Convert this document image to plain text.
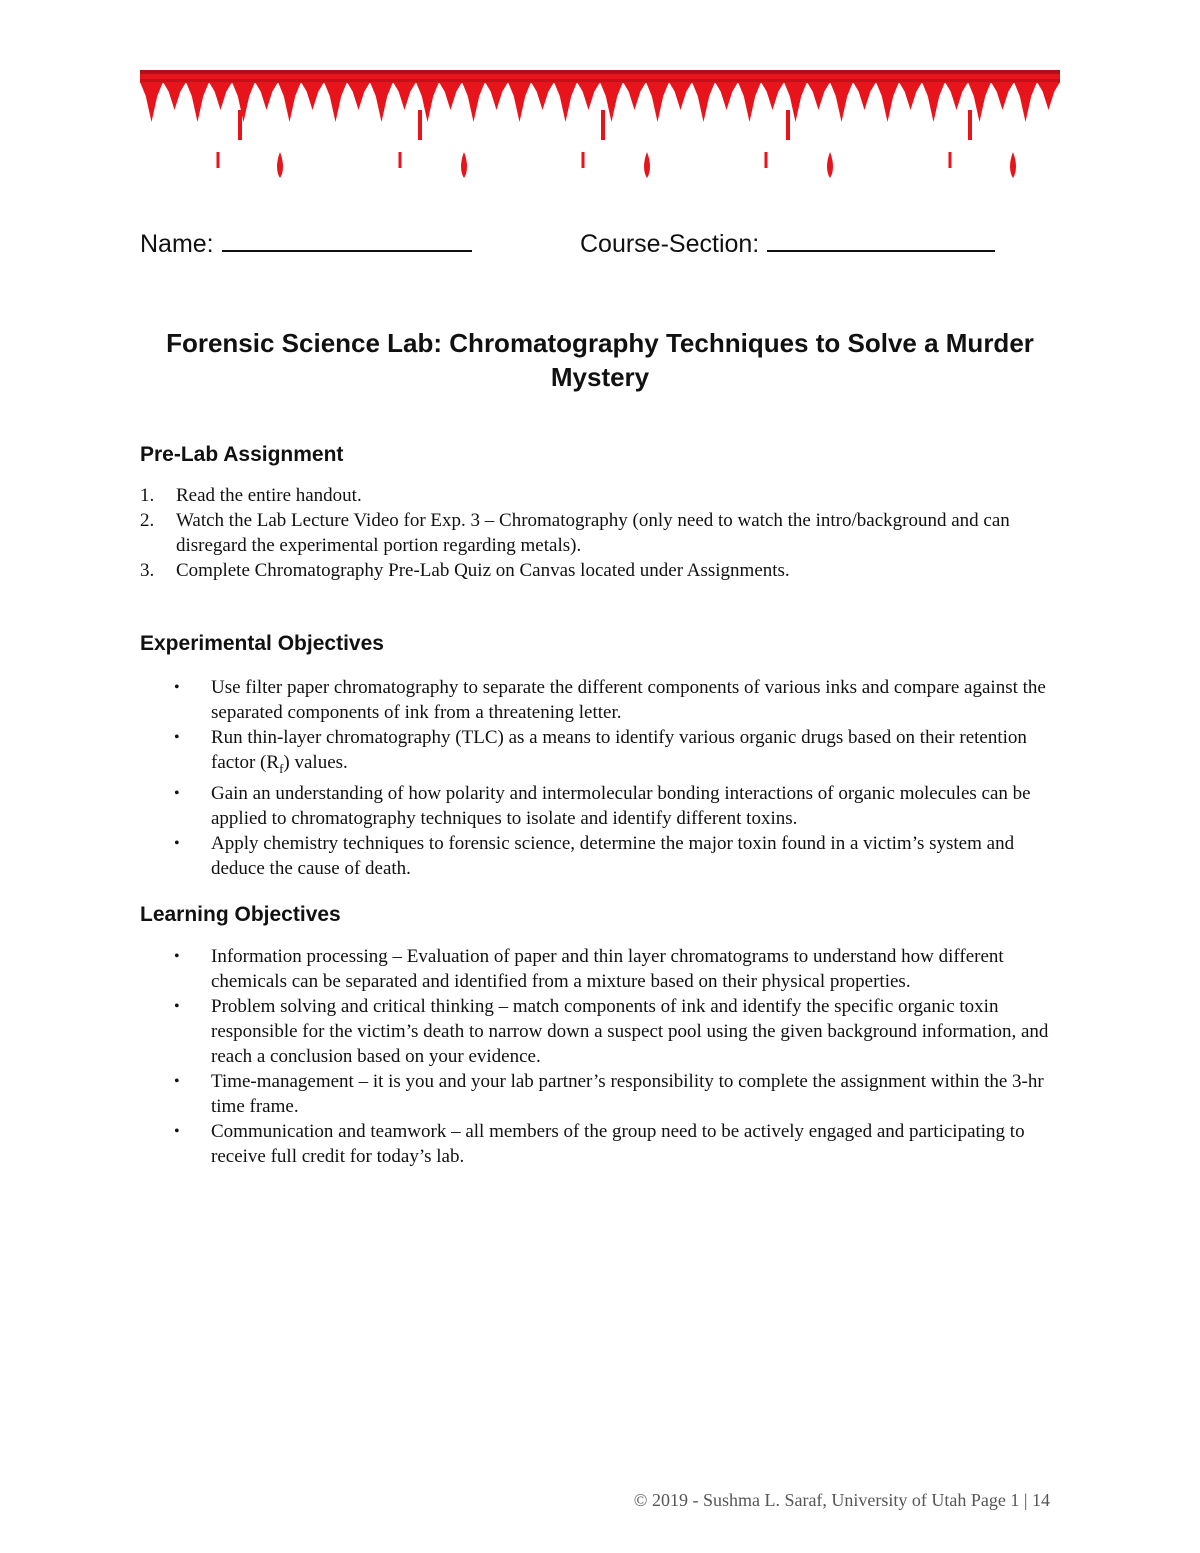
Name:	Course-Section:
Forensic Science Lab: Chromatography Techniques to Solve a Murder Mystery
Pre-Lab Assignment
1. Read the entire handout.
2. Watch the Lab Lecture Video for Exp. 3 – Chromatography (only need to watch the intro/background and can disregard the experimental portion regarding metals).
3. Complete Chromatography Pre-Lab Quiz on Canvas located under Assignments.
Experimental Objectives
• Use filter paper chromatography to separate the different components of various inks and compare against the separated components of ink from a threatening letter.
• Run thin-layer chromatography (TLC) as a means to identify various organic drugs based on their retention factor $(R_f)$ values.
• Gain an understanding of how polarity and intermolecular bonding interactions of organic molecules can be applied to chromatography techniques to isolate and identify different toxins.
• Apply chemistry techniques to forensic science, determine the major toxin found in a victim’s system and deduce the cause of death.
Learning Objectives
• Information processing – Evaluation of paper and thin layer chromatograms to understand how different chemicals can be separated and identified from a mixture based on their physical properties.
• Problem solving and critical thinking – match components of ink and identify the specific organic toxin responsible for the victim’s death to narrow down a suspect pool using the given background information, and reach a conclusion based on your evidence.
• Time-management – it is you and your lab partner’s responsibility to complete the assignment within the 3-hr time frame.
• Communication and teamwork – all members of the group need to be actively engaged and participating to receive full credit for today’s lab.
© 2019 - Sushma L. Saraf, University of Utah Page 1 | 14
